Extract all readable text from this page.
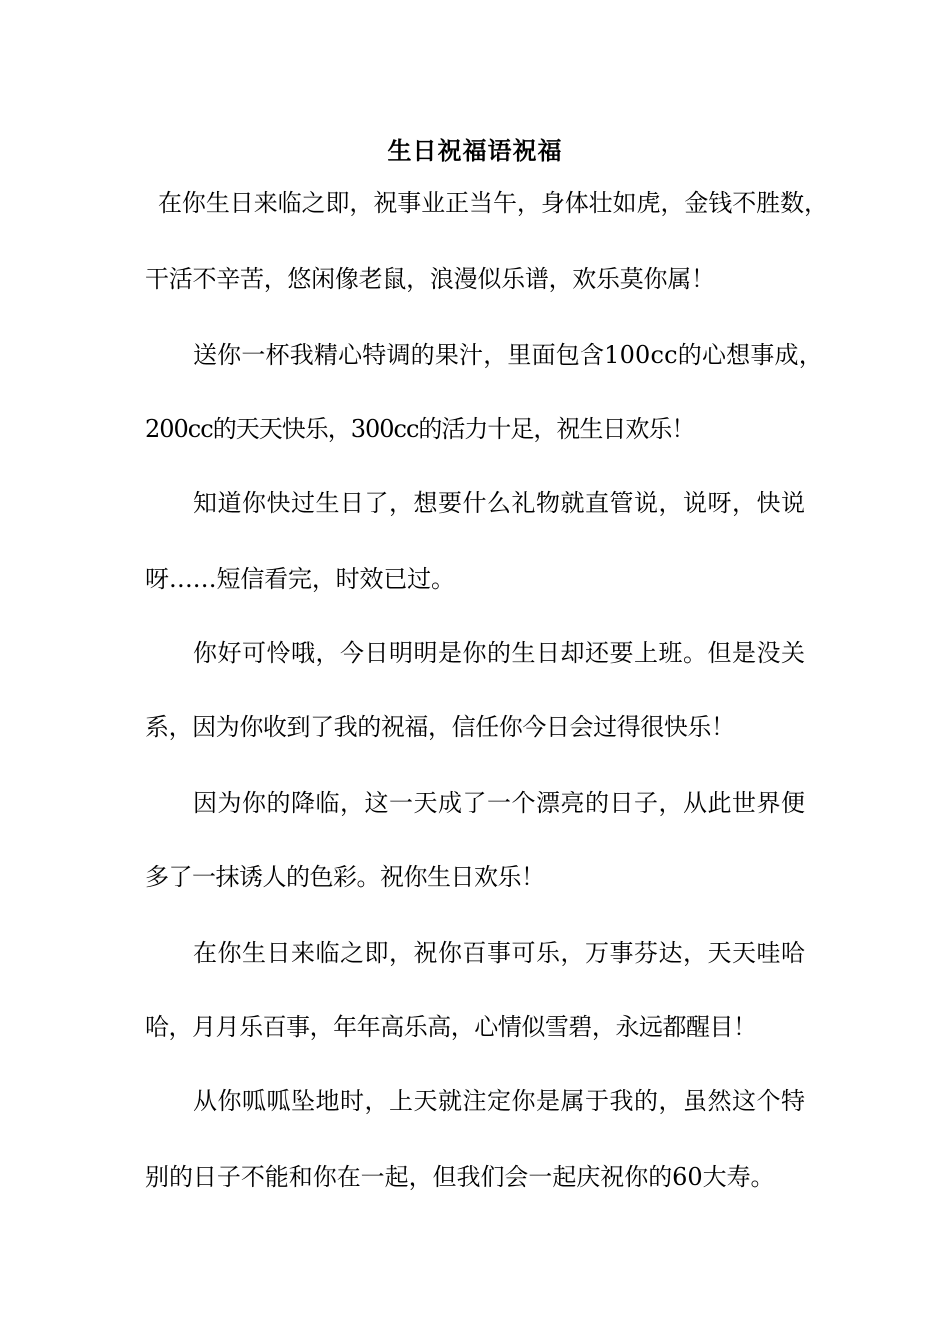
生日祝福语祝福
在你生日来临之即，祝事业正当午，身体壮如虎，金钱不胜数，
干活不辛苦，悠闲像老鼠，浪漫似乐谱，欢乐莫你属！
送你一杯我精心特调的果汁，里面包含100cc的心想事成，
200cc的天天快乐，300cc的活力十足，祝生日欢乐！
知道你快过生日了，想要什么礼物就直管说，说呀，快说
呀……短信看完，时效已过。
你好可怜哦，今日明明是你的生日却还要上班。但是没关
系，因为你收到了我的祝福，信任你今日会过得很快乐！
因为你的降临，这一天成了一个漂亮的日子，从此世界便
多了一抹诱人的色彩。祝你生日欢乐！
在你生日来临之即，祝你百事可乐，万事芬达，天天哇哈
哈，月月乐百事，年年高乐高，心情似雪碧，永远都醒目！
从你呱呱坠地时，上天就注定你是属于我的，虽然这个特
别的日子不能和你在一起，但我们会一起庆祝你的60大寿。
